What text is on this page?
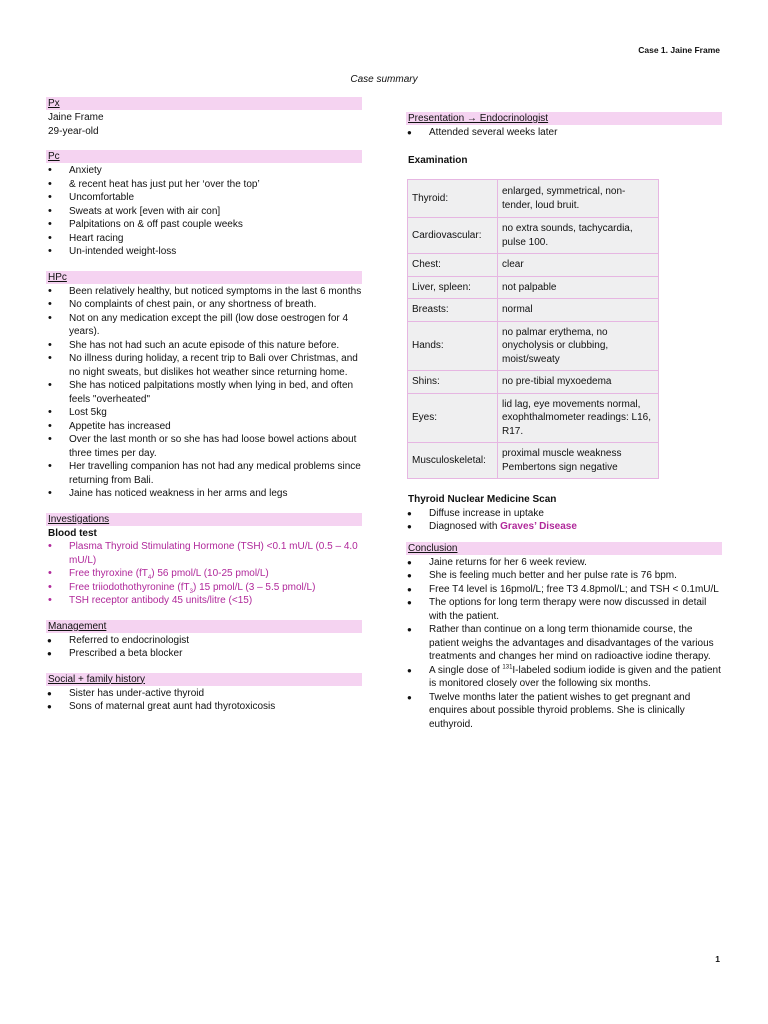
Case 1. Jaine Frame
Case summary
Px
Jaine Frame
29-year-old
Pc
• Anxiety
• & recent heat has just put her ‘over the top’
• Uncomfortable
• Sweats at work [even with air con]
• Palpitations on & off past couple weeks
• Heart racing
• Un-intended weight-loss
HPc
• Been relatively healthy, but noticed symptoms in the last 6 months
• No complaints of chest pain, or any shortness of breath.
• Not on any medication except the pill (low dose oestrogen for 4 years).
• She has not had such an acute episode of this nature before.
• No illness during holiday, a recent trip to Bali over Christmas, and no night sweats, but dislikes hot weather since returning home.
• She has noticed palpitations mostly when lying in bed, and often feels "overheated"
• Lost 5kg
• Appetite has increased
• Over the last month or so she has had loose bowel actions about three times per day.
• Her travelling companion has not had any medical problems since returning from Bali.
• Jaine has noticed weakness in her arms and legs
Investigations
Blood test
• Plasma Thyroid Stimulating Hormone (TSH) <0.1 mU/L (0.5 – 4.0 mU/L)
• Free thyroxine $(fT_4)$ 56 pmol/L (10-25 pmol/L)
• Free triiodothothyronine $(fT_3)$ 15 pmol/L (3 – 5.5 pmol/L)
• TSH receptor antibody 45 units/litre (<15)
Management
● Referred to endocrinologist
● Prescribed a beta blocker
Social + family history
● Sister has under-active thyroid
● Sons of maternal great aunt had thyrotoxicosis
Presentation → Endocrinologist
● Attended several weeks later
Examination
Thyroid:	enlarged, symmetrical, non-tender, loud bruit.
Cardiovascular:	no extra sounds, tachycardia, pulse 100.
Chest:	clear
Liver, spleen:	not palpable
Breasts:	normal
Hands:	no palmar erythema, no onycholysis or clubbing, moist/sweaty
Shins:	no pre-tibial myxoedema
Eyes:	lid lag, eye movements normal, exophthalmometer readings: L16, R17.
Musculoskeletal:	proximal muscle weakness Pembertons sign negative
Thyroid Nuclear Medicine Scan
● Diffuse increase in uptake
● Diagnosed with Graves’ Disease
Conclusion
● Jaine returns for her 6 week review.
● She is feeling much better and her pulse rate is 76 bpm.
● Free T4 level is 16pmol/L; free T3 4.8pmol/L; and TSH < 0.1mU/L
● The options for long term therapy were now discussed in detail with the patient.
● Rather than continue on a long term thionamide course, the patient weighs the advantages and disadvantages of the various treatments and changes her mind on radioactive iodine therapy.
● A single dose of $^{131}$I-labeled sodium iodide is given and the patient is monitored closely over the following six months.
● Twelve months later the patient wishes to get pregnant and enquires about possible thyroid problems. She is clinically euthyroid.
1
